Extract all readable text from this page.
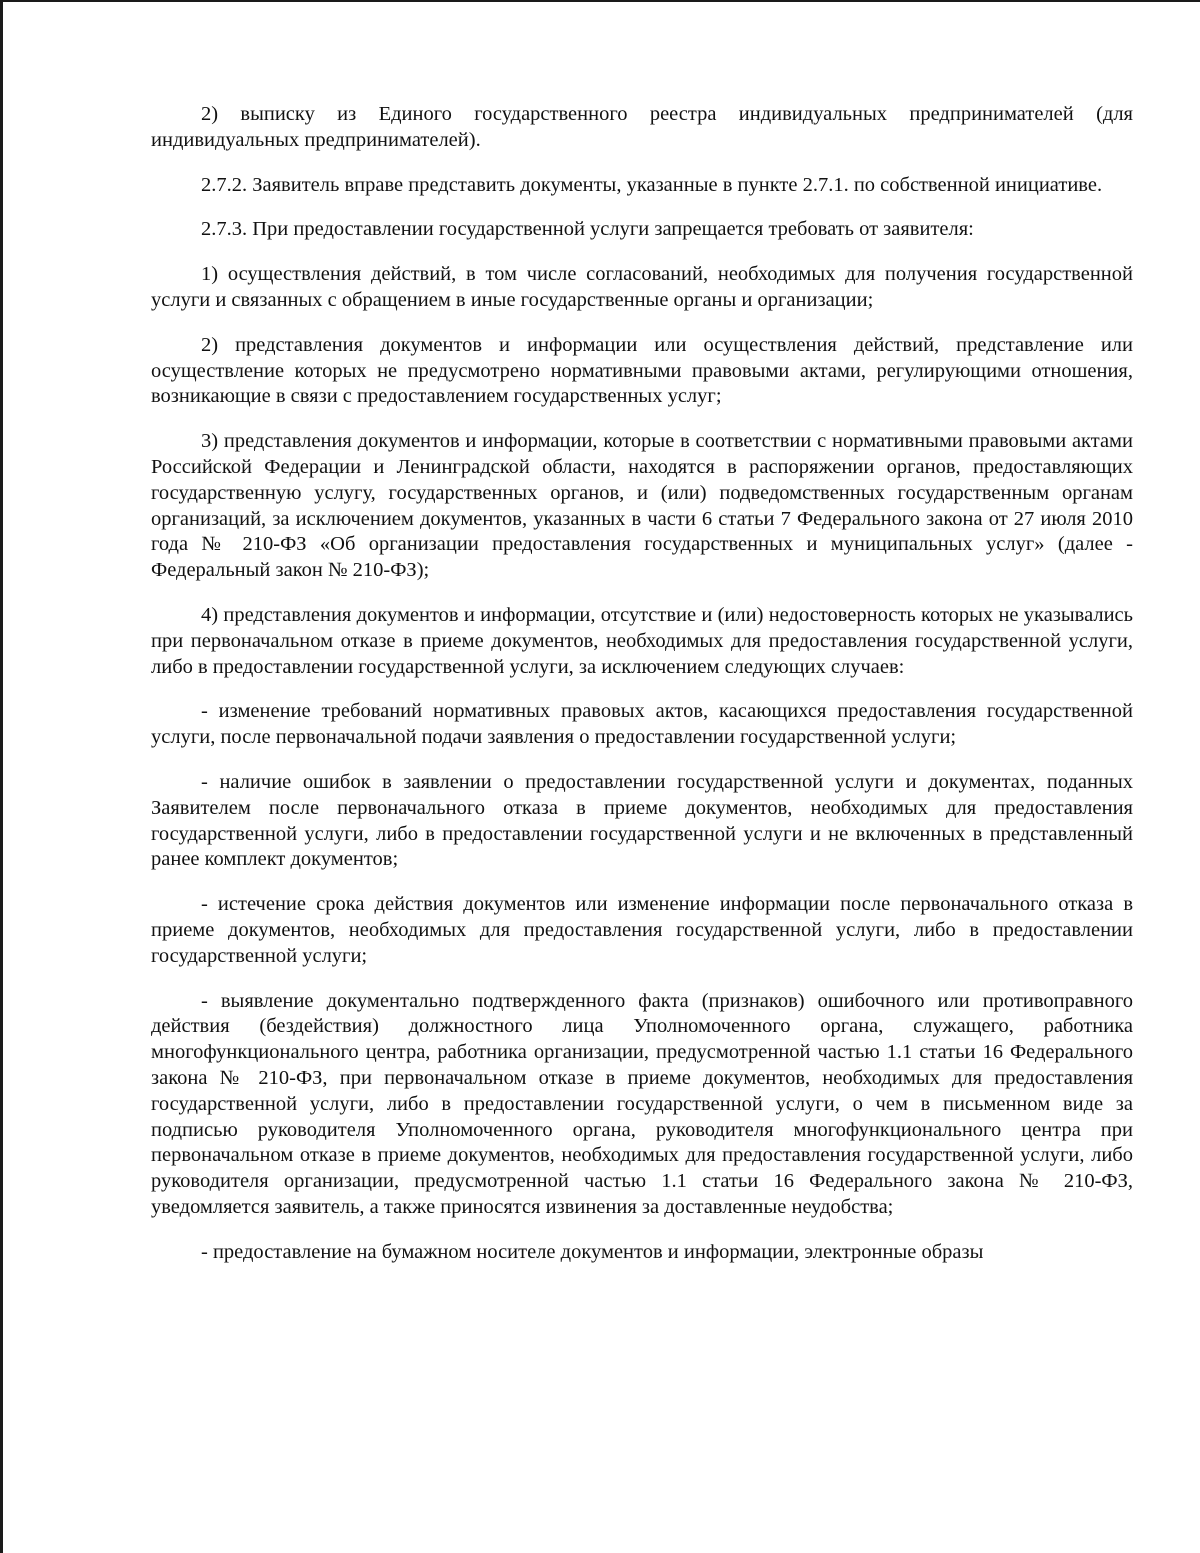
2) выписку из Единого государственного реестра индивидуальных предпринимателей (для индивидуальных предпринимателей).

2.7.2. Заявитель вправе представить документы, указанные в пункте 2.7.1. по собственной инициативе.

2.7.3. При предоставлении государственной услуги запрещается требовать от заявителя:

1) осуществления действий, в том числе согласований, необходимых для получения государственной услуги и связанных с обращением в иные государственные органы и организации;

2) представления документов и информации или осуществления действий, представление или осуществление которых не предусмотрено нормативными правовыми актами, регулирующими отношения, возникающие в связи с предоставлением государственных услуг;

3) представления документов и информации, которые в соответствии с нормативными правовыми актами Российской Федерации и Ленинградской области, находятся в распоряжении органов, предоставляющих государственную услугу, государственных органов, и (или) подведомственных государственным органам организаций, за исключением документов, указанных в части 6 статьи 7 Федерального закона от 27 июля 2010 года № 210-ФЗ «Об организации предоставления государственных и муниципальных услуг» (далее - Федеральный закон № 210-ФЗ);

4) представления документов и информации, отсутствие и (или) недостоверность которых не указывались при первоначальном отказе в приеме документов, необходимых для предоставления государственной услуги, либо в предоставлении государственной услуги, за исключением следующих случаев:

- изменение требований нормативных правовых актов, касающихся предоставления государственной услуги, после первоначальной подачи заявления о предоставлении государственной услуги;

- наличие ошибок в заявлении о предоставлении государственной услуги и документах, поданных Заявителем после первоначального отказа в приеме документов, необходимых для предоставления государственной услуги, либо в предоставлении государственной услуги и не включенных в представленный ранее комплект документов;

- истечение срока действия документов или изменение информации после первоначального отказа в приеме документов, необходимых для предоставления государственной услуги, либо в предоставлении государственной услуги;

- выявление документально подтвержденного факта (признаков) ошибочного или противоправного действия (бездействия) должностного лица Уполномоченного органа, служащего, работника многофункционального центра, работника организации, предусмотренной частью 1.1 статьи 16 Федерального закона № 210-ФЗ, при первоначальном отказе в приеме документов, необходимых для предоставления государственной услуги, либо в предоставлении государственной услуги, о чем в письменном виде за подписью руководителя Уполномоченного органа, руководителя многофункционального центра при первоначальном отказе в приеме документов, необходимых для предоставления государственной услуги, либо руководителя организации, предусмотренной частью 1.1 статьи 16 Федерального закона № 210-ФЗ, уведомляется заявитель, а также приносятся извинения за доставленные неудобства;

- предоставление на бумажном носителе документов и информации, электронные образы
